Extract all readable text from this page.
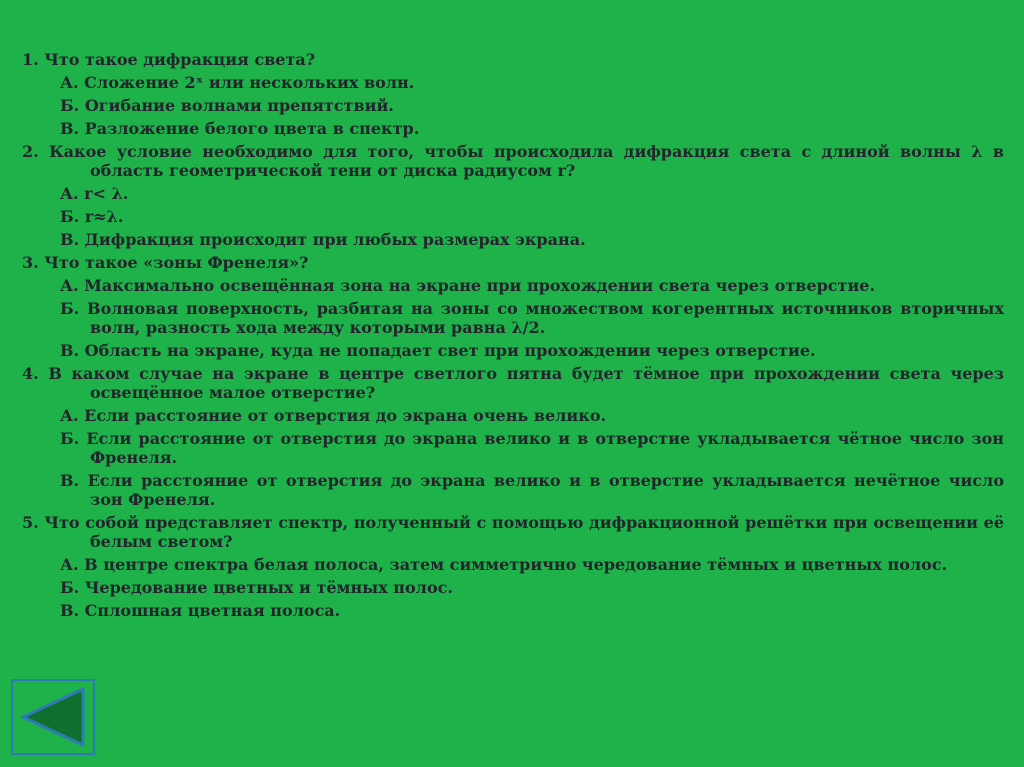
1. Что такое дифракция света?
А. Сложение 2ˣ или нескольких волн.
Б. Огибание волнами препятствий.
В. Разложение белого цвета в спектр.
2. Какое условие необходимо для того, чтобы происходила дифракция света с длиной волны λ в область геометрической тени от диска радиусом r?
А. r< λ.
Б. r≈λ.
В. Дифракция происходит при любых размерах экрана.
3. Что такое «зоны Френеля»?
А. Максимально освещённая зона на экране при прохождении света через отверстие.
Б. Волновая поверхность, разбитая на зоны со множеством когерентных источников вторичных волн, разность хода между которыми равна λ/2.
В. Область на экране, куда не попадает свет при прохождении через отверстие.
4. В каком случае на экране в центре светлого пятна будет тёмное при прохождении света через освещённое малое отверстие?
А. Если расстояние от отверстия до экрана очень велико.
Б. Если расстояние от отверстия до экрана велико и в отверстие укладывается чётное число зон Френеля.
В. Если расстояние от отверстия до экрана велико и в отверстие укладывается нечётное число зон Френеля.
5. Что собой представляет спектр, полученный с помощью дифракционной решётки при освещении её белым светом?
А. В центре спектра белая полоса, затем симметрично чередование тёмных и цветных полос.
Б. Чередование цветных и тёмных полос.
В. Сплошная цветная полоса.
